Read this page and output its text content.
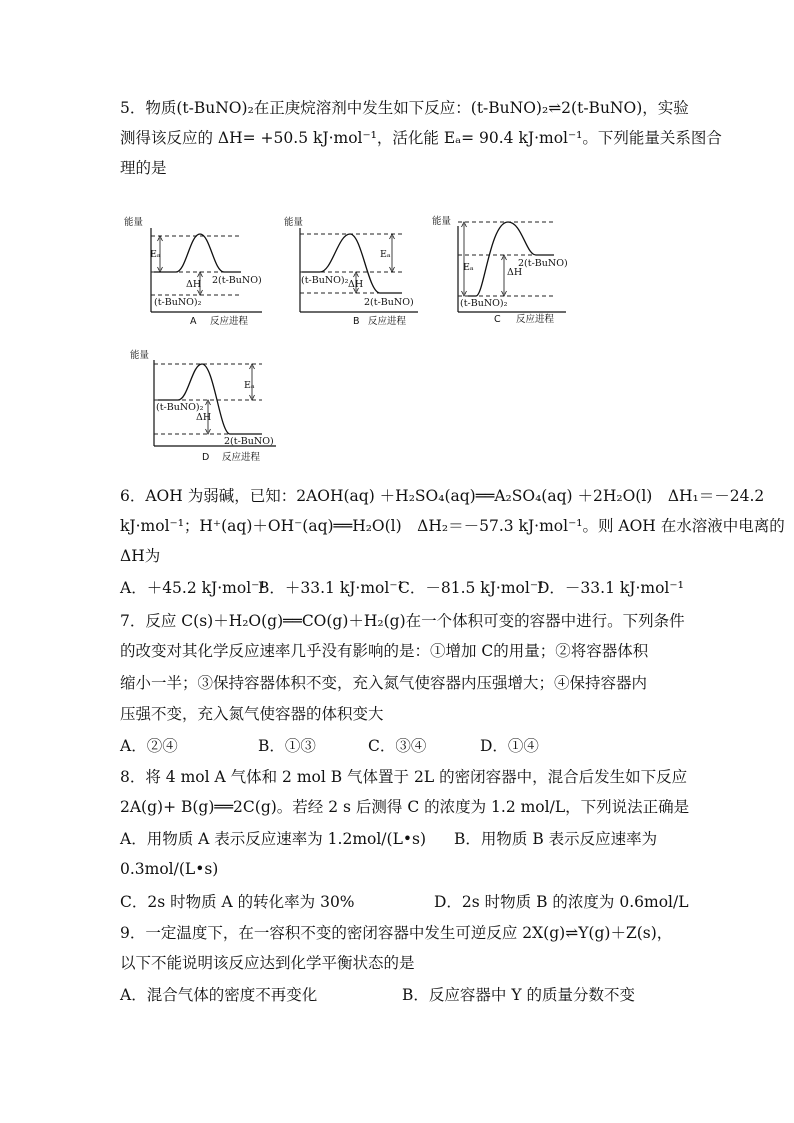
5．物质(t-BuNO)₂在正庚烷溶剂中发生如下反应：(t-BuNO)₂⇌2(t-BuNO)，实验
测得该反应的 ΔH= +50.5 kJ·mol⁻¹，活化能 Eₐ= 90.4 kJ·mol⁻¹。下列能量关系图合
理的是
能量
Eₐ
ΔH 2(t-BuNO)
(t-BuNO)₂
A 反应进程
能量
Eₐ
ΔH
(t-BuNO)₂
2(t-BuNO)
B 反应进程
能量
Eₐ	ΔH
2(t-BuNO)
(t-BuNO)₂
C 反应进程
能量
Eₐ
ΔH
(t-BuNO)₂
2(t-BuNO)
D 反应进程
6．AOH 为弱碱，已知：2AOH(aq) ＋H₂SO₄(aq)══A₂SO₄(aq) ＋2H₂O(l)　ΔH₁＝－24.2
kJ·mol⁻¹；H⁺(aq)＋OH⁻(aq)══H₂O(l)　ΔH₂＝－57.3 kJ·mol⁻¹。则 AOH 在水溶液中电离的
ΔH为
A．＋45.2 kJ·mol⁻¹
B．＋33.1 kJ·mol⁻¹
C．－81.5 kJ·mol⁻¹
D．－33.1 kJ·mol⁻¹
7．反应 C(s)＋H₂O(g)══CO(g)＋H₂(g)在一个体积可变的容器中进行。下列条件
的改变对其化学反应速率几乎没有影响的是：①增加 C的用量；②将容器体积
缩小一半；③保持容器体积不变，充入氮气使容器内压强增大；④保持容器内
压强不变，充入氮气使容器的体积变大
A．②④	B．①③	C．③④	D．①④
8．将 4 mol A 气体和 2 mol B 气体置于 2L 的密闭容器中，混合后发生如下反应
2A(g)+ B(g)══2C(g)。若经 2 s 后测得 C 的浓度为 1.2 mol/L，下列说法正确是
A．用物质 A 表示反应速率为 1.2mol/(L•s) B．用物质 B 表示反应速率为
0.3mol/(L•s)
C．2s 时物质 A 的转化率为 30%	D．2s 时物质 B 的浓度为 0.6mol/L
9．一定温度下，在一容积不变的密闭容器中发生可逆反应 2X(g)⇌Y(g)＋Z(s)，
以下不能说明该反应达到化学平衡状态的是
A．混合气体的密度不再变化	B．反应容器中 Y 的质量分数不变
